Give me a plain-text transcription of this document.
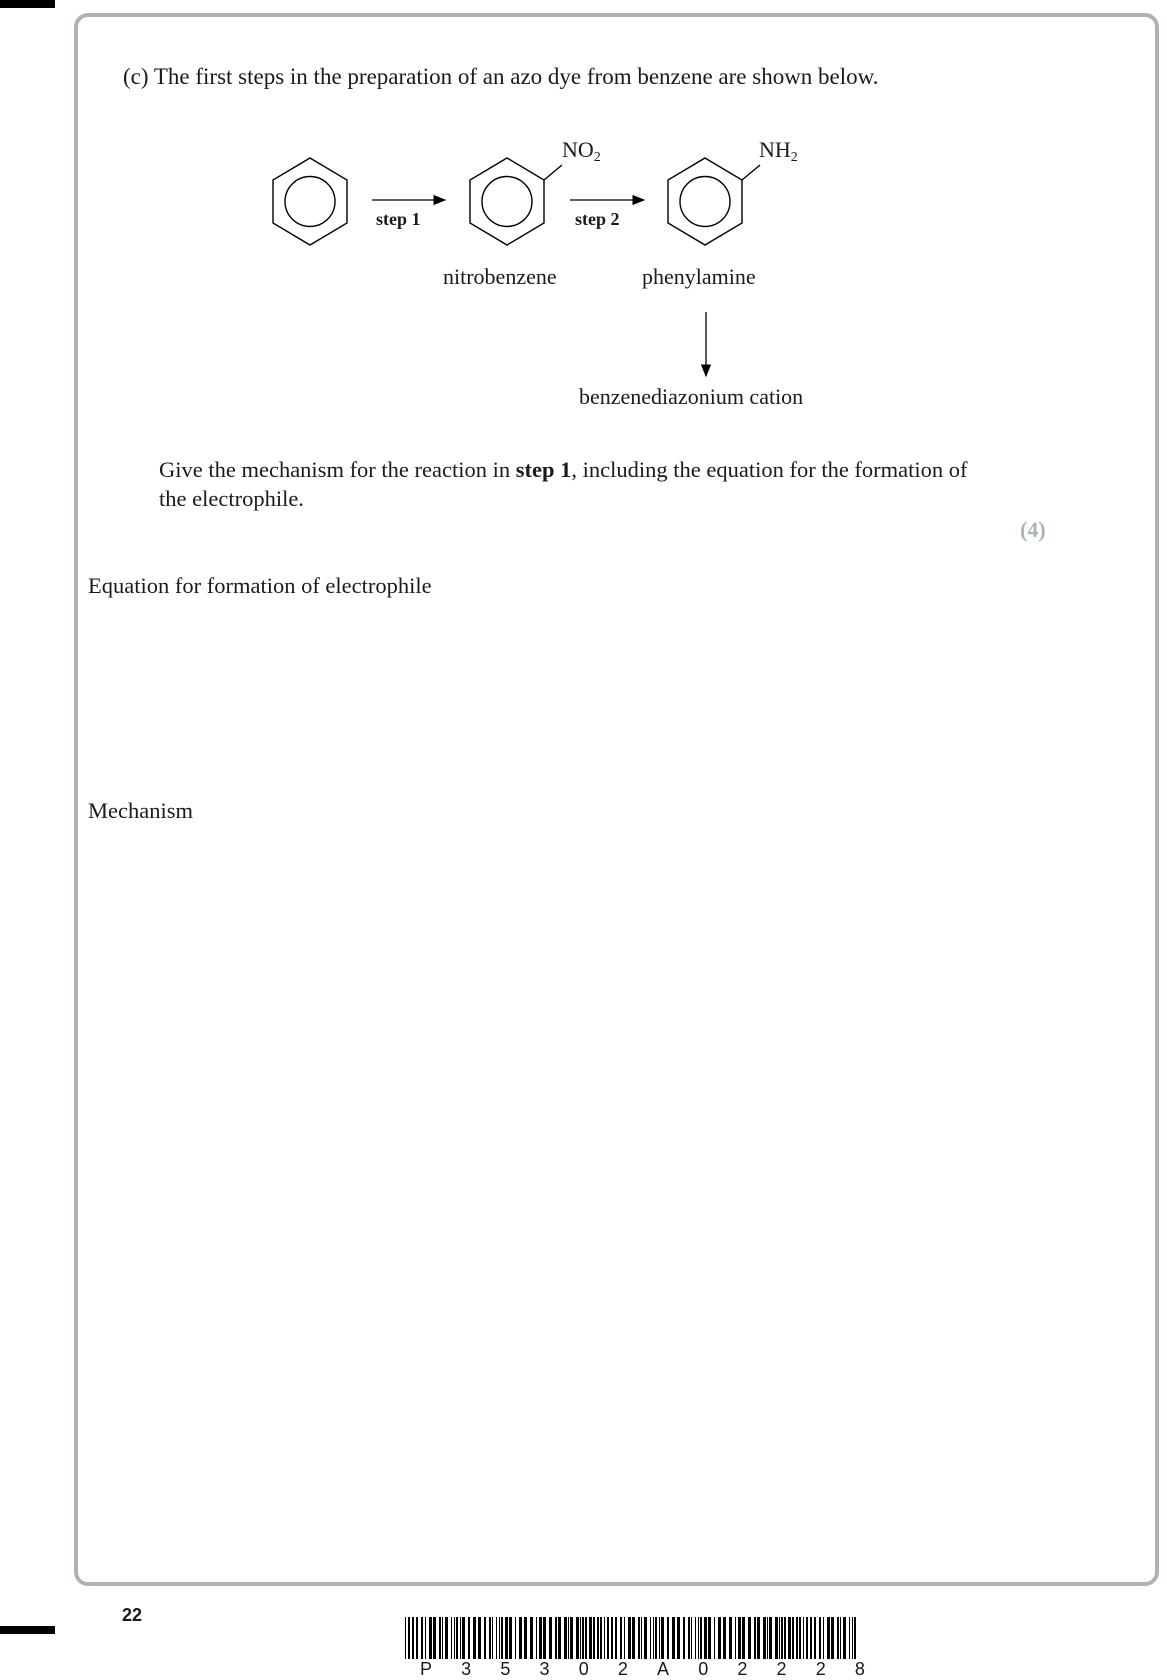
(c) The first steps in the preparation of an azo dye from benzene are shown below.
step 1	step 2
$NO_2$	$NH_2$
nitrobenzene	phenylamine
benzenediazonium cation
Give the mechanism for the reaction in step 1, including the equation for the formation of the electrophile.
(4)
Equation for formation of electrophile
Mechanism
22
P 3 5 3 0 2 A 0 2 2 2 8
